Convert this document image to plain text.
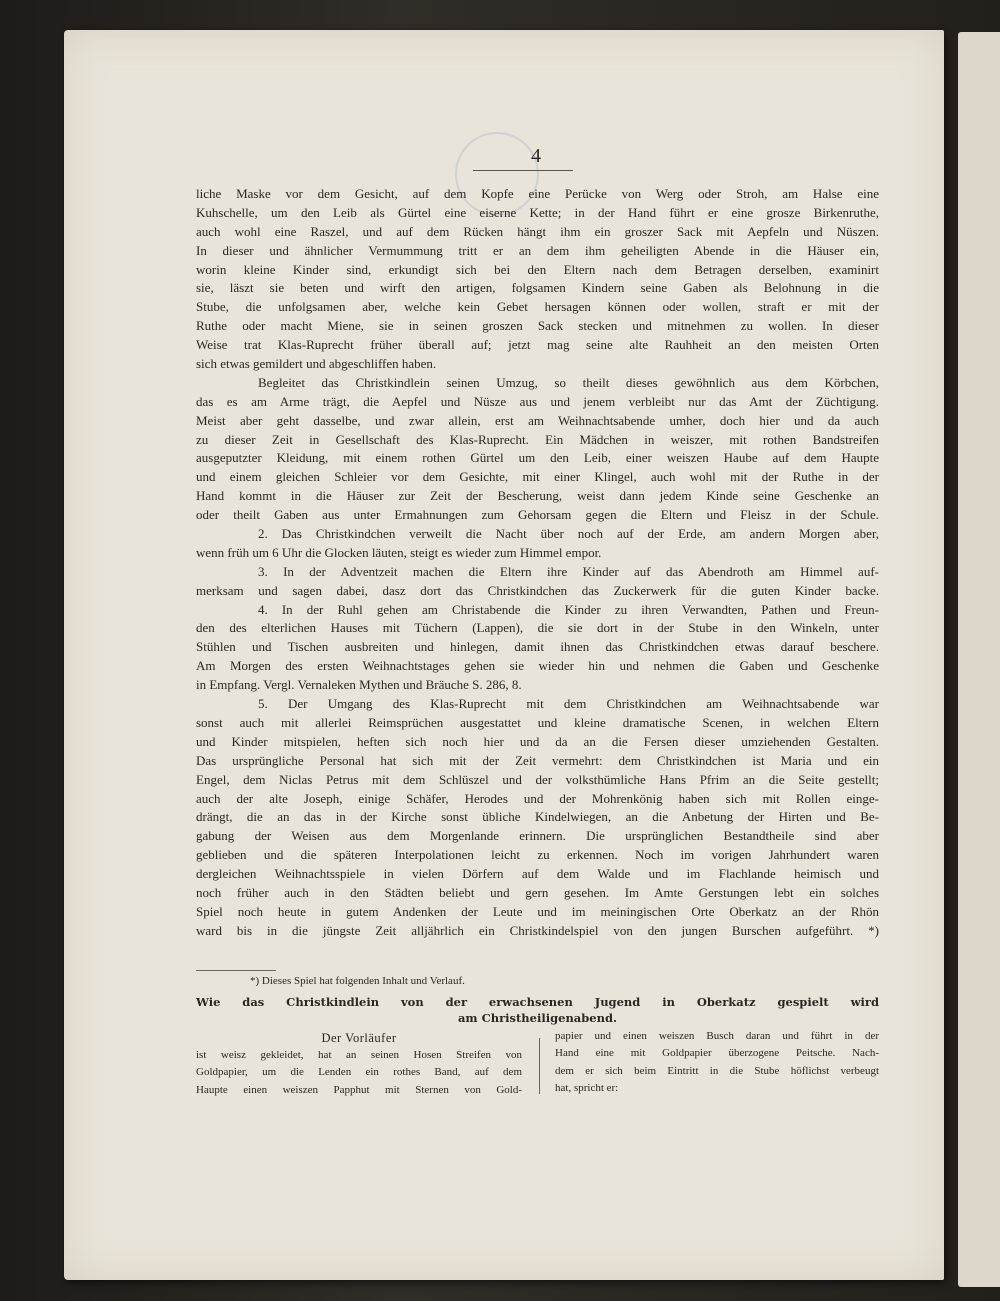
4
liche Maske vor dem Gesicht, auf dem Kopfe eine Perücke von Werg oder Stroh, am Halse eine
Kuhschelle, um den Leib als Gürtel eine eiserne Kette; in der Hand führt er eine grosze Birkenruthe,
auch wohl eine Raszel, und auf dem Rücken hängt ihm ein groszer Sack mit Aepfeln und Nüszen.
In dieser und ähnlicher Vermummung tritt er an dem ihm geheiligten Abende in die Häuser ein,
worin kleine Kinder sind, erkundigt sich bei den Eltern nach dem Betragen derselben, examinirt
sie, läszt sie beten und wirft den artigen, folgsamen Kindern seine Gaben als Belohnung in die
Stube, die unfolgsamen aber, welche kein Gebet hersagen können oder wollen, straft er mit der
Ruthe oder macht Miene, sie in seinen groszen Sack stecken und mitnehmen zu wollen. In dieser
Weise trat Klas-Ruprecht früher überall auf; jetzt mag seine alte Rauhheit an den meisten Orten
sich etwas gemildert und abgeschliffen haben.
Begleitet das Christkindlein seinen Umzug, so theilt dieses gewöhnlich aus dem Körbchen,
das es am Arme trägt, die Aepfel und Nüsze aus und jenem verbleibt nur das Amt der Züchtigung.
Meist aber geht dasselbe, und zwar allein, erst am Weihnachtsabende umher, doch hier und da auch
zu dieser Zeit in Gesellschaft des Klas-Ruprecht. Ein Mädchen in weiszer, mit rothen Bandstreifen
ausgeputzter Kleidung, mit einem rothen Gürtel um den Leib, einer weiszen Haube auf dem Haupte
und einem gleichen Schleier vor dem Gesichte, mit einer Klingel, auch wohl mit der Ruthe in der
Hand kommt in die Häuser zur Zeit der Bescherung, weist dann jedem Kinde seine Geschenke an
oder theilt Gaben aus unter Ermahnungen zum Gehorsam gegen die Eltern und Fleisz in der Schule.
2. Das Christkindchen verweilt die Nacht über noch auf der Erde, am andern Morgen aber,
wenn früh um 6 Uhr die Glocken läuten, steigt es wieder zum Himmel empor.
3. In der Adventzeit machen die Eltern ihre Kinder auf das Abendroth am Himmel auf-
merksam und sagen dabei, dasz dort das Christkindchen das Zuckerwerk für die guten Kinder backe.
4. In der Ruhl gehen am Christabende die Kinder zu ihren Verwandten, Pathen und Freun-
den des elterlichen Hauses mit Tüchern (Lappen), die sie dort in der Stube in den Winkeln, unter
Stühlen und Tischen ausbreiten und hinlegen, damit ihnen das Christkindchen etwas darauf beschere.
Am Morgen des ersten Weihnachtstages gehen sie wieder hin und nehmen die Gaben und Geschenke
in Empfang. Vergl. Vernaleken Mythen und Bräuche S. 286, 8.
5. Der Umgang des Klas-Ruprecht mit dem Christkindchen am Weihnachtsabende war
sonst auch mit allerlei Reimsprüchen ausgestattet und kleine dramatische Scenen, in welchen Eltern
und Kinder mitspielen, heften sich noch hier und da an die Fersen dieser umziehenden Gestalten.
Das ursprüngliche Personal hat sich mit der Zeit vermehrt: dem Christkindchen ist Maria und ein
Engel, dem Niclas Petrus mit dem Schlüszel und der volksthümliche Hans Pfrim an die Seite gestellt;
auch der alte Joseph, einige Schäfer, Herodes und der Mohrenkönig haben sich mit Rollen einge-
drängt, die an das in der Kirche sonst übliche Kindelwiegen, an die Anbetung der Hirten und Be-
gabung der Weisen aus dem Morgenlande erinnern. Die ursprünglichen Bestandtheile sind aber
geblieben und die späteren Interpolationen leicht zu erkennen. Noch im vorigen Jahrhundert waren
dergleichen Weihnachtsspiele in vielen Dörfern auf dem Walde und im Flachlande heimisch und
noch früher auch in den Städten beliebt und gern gesehen. Im Amte Gerstungen lebt ein solches
Spiel noch heute in gutem Andenken der Leute und im meiningischen Orte Oberkatz an der Rhön
ward bis in die jüngste Zeit alljährlich ein Christkindelspiel von den jungen Burschen aufgeführt. *)
*) Dieses Spiel hat folgenden Inhalt und Verlauf.
Wie das Christkindlein von der erwachsenen Jugend in Oberkatz gespielt wird
am Christheiligenabend.
Der Vorläufer
ist weisz gekleidet, hat an seinen Hosen Streifen von
Goldpapier, um die Lenden ein rothes Band, auf dem
Haupte einen weiszen Papphut mit Sternen von Gold-
papier und einen weiszen Busch daran und führt in der
Hand eine mit Goldpapier überzogene Peitsche. Nach-
dem er sich beim Eintritt in die Stube höflichst verbeugt
hat, spricht er:
